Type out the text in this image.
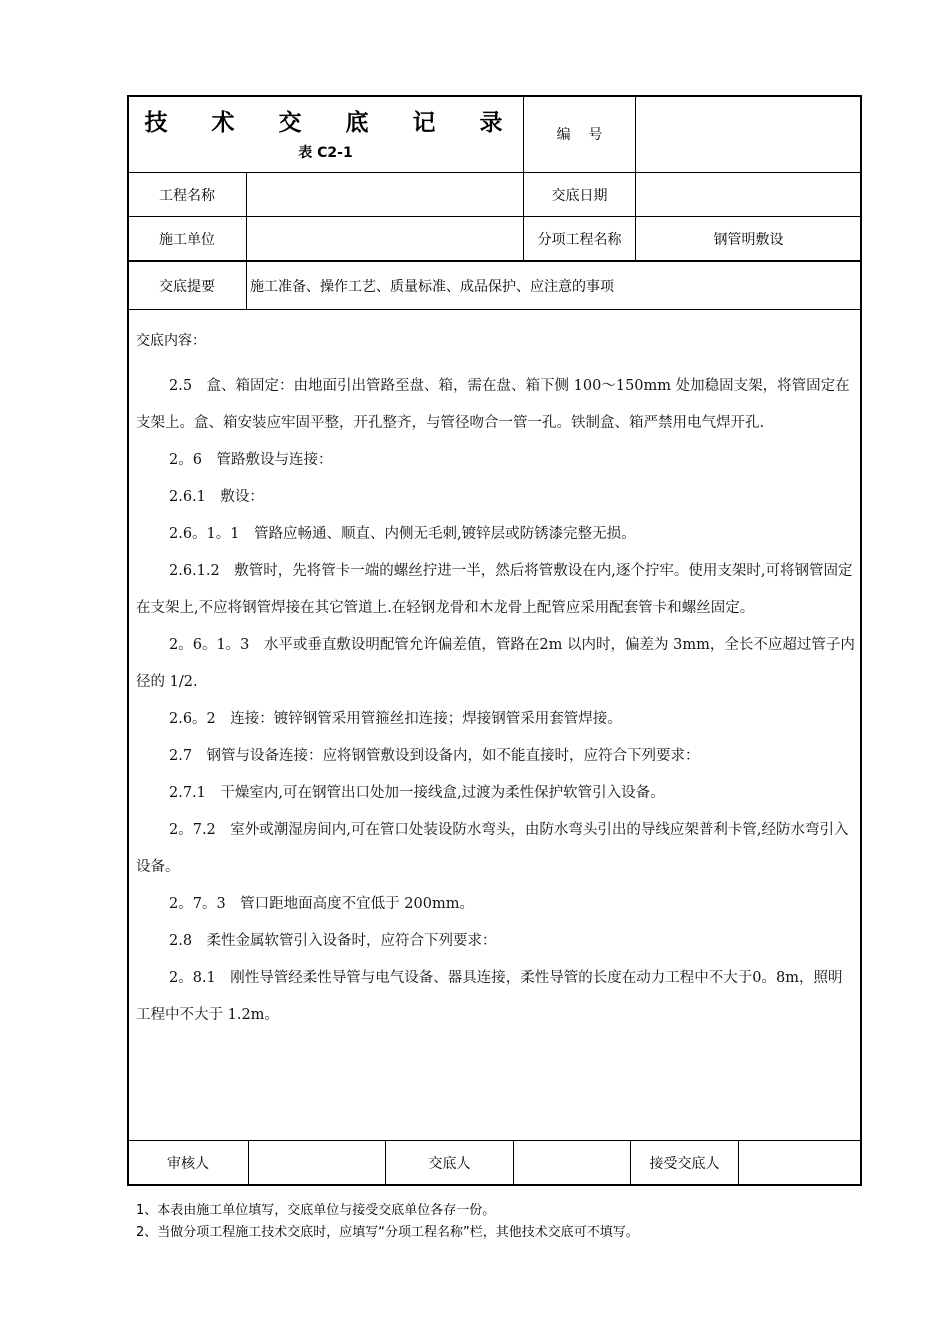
技 术 交 底 记 录
表 C2-1
编    号
工程名称	交底日期
施工单位	分项工程名称	钢管明敷设
交底提要	施工准备、操作工艺、质量标准、成品保护、应注意的事项
交底内容：

2.5　盒、箱固定：由地面引出管路至盘、箱，需在盘、箱下侧 100～150mm 处加稳固支架，将管固定在支架上。盒、箱安装应牢固平整，开孔整齐，与管径吻合一管一孔。铁制盒、箱严禁用电气焊开孔.

2。6　管路敷设与连接：

2.6.1　敷设：

2.6。1。1　管路应畅通、顺直、内侧无毛刺,镀锌层或防锈漆完整无损。

2.6.1.2　敷管时，先将管卡一端的螺丝拧进一半，然后将管敷设在内,逐个拧牢。使用支架时,可将钢管固定在支架上,不应将钢管焊接在其它管道上.在轻钢龙骨和木龙骨上配管应采用配套管卡和螺丝固定。

2。6。1。3　水平或垂直敷设明配管允许偏差值，管路在2m 以内时，偏差为 3mm，全长不应超过管子内径的 1/2.

2.6。2　连接：镀锌钢管采用管箍丝扣连接；焊接钢管采用套管焊接。

2.7　钢管与设备连接：应将钢管敷设到设备内，如不能直接时，应符合下列要求：

2.7.1　干燥室内,可在钢管出口处加一接线盒,过渡为柔性保护软管引入设备。

2。7.2　室外或潮湿房间内,可在管口处装设防水弯头，由防水弯头引出的导线应架普利卡管,经防水弯引入设备。

2。7。3　管口距地面高度不宜低于 200mm。

2.8　柔性金属软管引入设备时，应符合下列要求：

2。8.1　刚性导管经柔性导管与电气设备、器具连接，柔性导管的长度在动力工程中不大于0。8m，照明工程中不大于 1.2m。

审核人	交底人	接受交底人
1、本表由施工单位填写，交底单位与接受交底单位各存一份。
2、当做分项工程施工技术交底时，应填写“分项工程名称”栏，其他技术交底可不填写。
